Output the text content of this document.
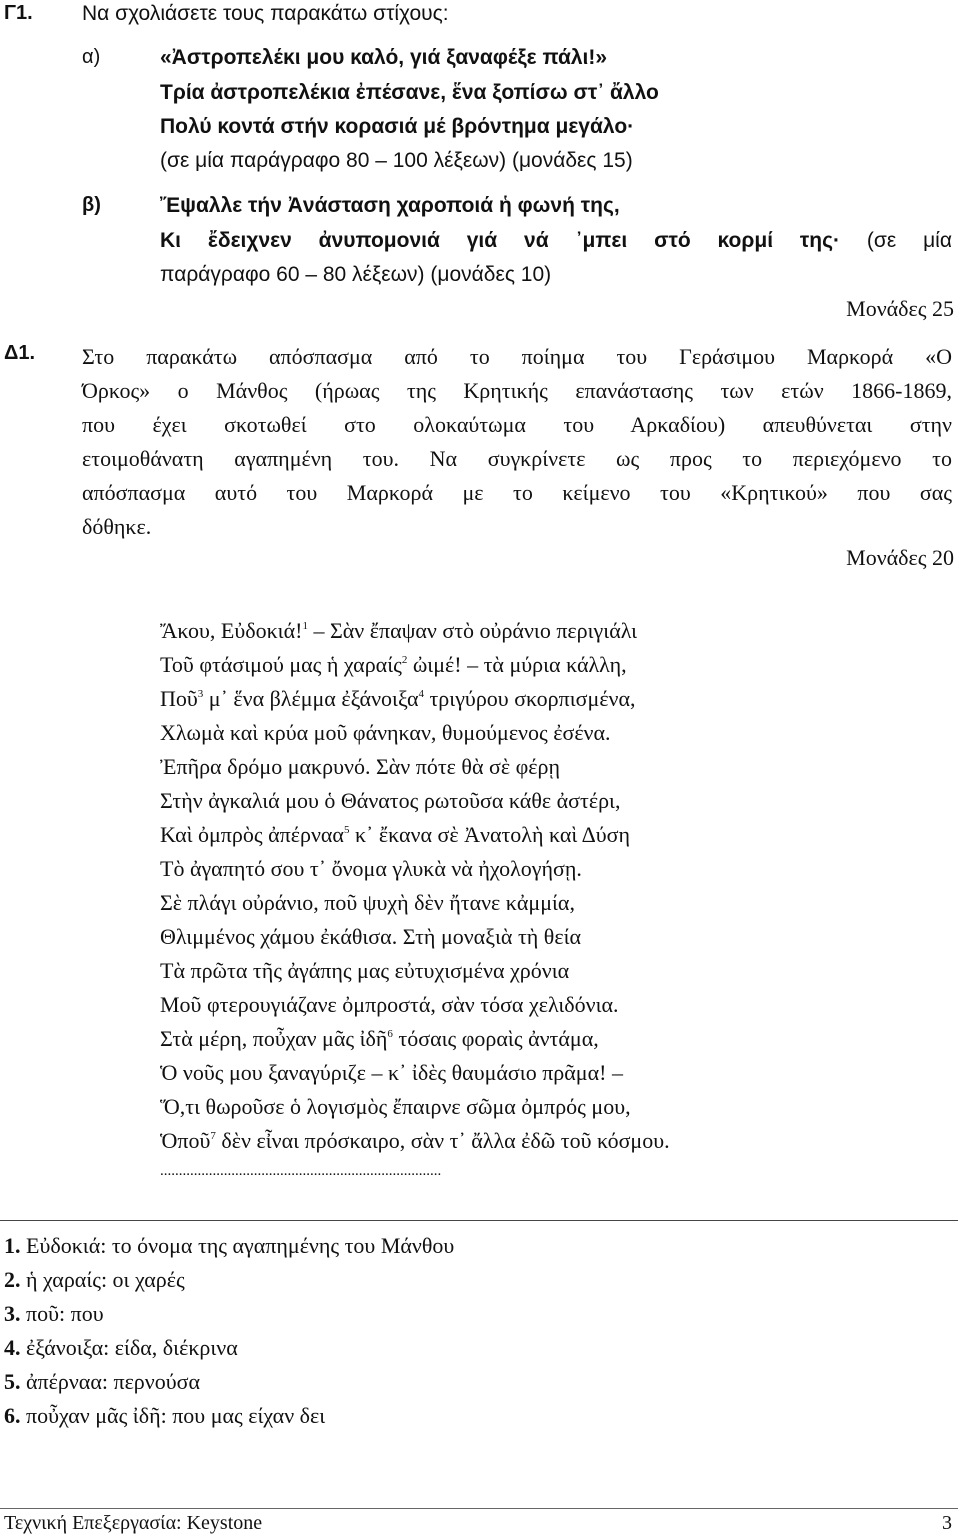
Γ1. Να σχολιάσετε τους παρακάτω στίχους:
α)	«Ἀστροπελέκι μου καλό, γιά ξαναφέξε πάλι!»
Τρία ἀστροπελέκια ἐπέσανε, ἕνα ξοπίσω στ᾽ ἄλλο
Πολύ κοντά στήν κορασιά μέ βρόντημα μεγάλο·
(σε μία παράγραφο 80 – 100 λέξεων) (μονάδες 15)
β)	Ἔψαλλε τήν Ἀνάσταση χαροποιά ἡ φωνή της,
Κι ἔδειχνεν ἀνυπομονιά γιά νά ᾽μπει στό κορμί της· (σε μία
παράγραφο 60 – 80 λέξεων) (μονάδες 10)
Μονάδες 25
Δ1. Στο παρακάτω απόσπασμα από το ποίημα του Γεράσιμου Μαρκορά «Ο
Όρκος» ο Μάνθος (ήρωας της Κρητικής επανάστασης των ετών 1866-1869,
που έχει σκοτωθεί στο ολοκαύτωμα του Αρκαδίου) απευθύνεται στην
ετοιμοθάνατη αγαπημένη του. Να συγκρίνετε ως προς το περιεχόμενο το
απόσπασμα αυτό του Μαρκορά με το κείμενο του «Κρητικού» που σας
δόθηκε.
Μονάδες 20
Ἄκου, Εὐδοκιά!$^1$ – Σὰν ἔπαψαν στὸ οὐράνιο περιγιάλι
Τοῦ φτάσιμού μας ἡ χαραίς$^2$ ὠιμέ! – τὰ μύρια κάλλη,
Ποῦ$^3$ μ᾽ ἕνα βλέμμα ἐξάνοιξα$^4$ τριγύρου σκορπισμένα,
Χλωμὰ καὶ κρύα μοῦ φάνηκαν, θυμούμενος ἐσένα.
Ἐπῆρα δρόμο μακρυνό. Σὰν πότε θὰ σὲ φέρῃ
Στὴν ἀγκαλιά μου ὁ Θάνατος ρωτοῦσα κάθε ἀστέρι,
Καὶ ὀμπρὸς ἀπέρναα$^5$ κ᾽ ἔκανα σὲ Ἀνατολὴ καὶ Δύση
Τὸ ἀγαπητό σου τ᾽ ὄνομα γλυκὰ νὰ ἠχολογήσῃ.
Σὲ πλάγι οὐράνιο, ποῦ ψυχὴ δὲν ἤτανε κἀμμία,
Θλιμμένος χάμου ἐκάθισα. Στὴ μοναξιὰ τὴ θεία
Τὰ πρῶτα τῆς ἀγάπης μας εὐτυχισμένα χρόνια
Μοῦ φτερουγιάζανε ὀμπροστά, σὰν τόσα χελιδόνια.
Στὰ μέρη, ποὖχαν μᾶς ἰδῆ$^6$ τόσαις φοραὶς ἀντάμα,
Ὁ νοῦς μου ξαναγύριζε – κ᾽ ἰδὲς θαυμάσιο πρᾶμα! –
Ὅ,τι θωροῦσε ὁ λογισμὸς ἔπαιρνε σῶμα ὀμπρός μου,
Ὁποῦ$^7$ δὲν εἶναι πρόσκαιρο, σὰν τ᾽ ἄλλα ἐδῶ τοῦ κόσμου.
...........................................................................
1. Εὐδοκιά: το όνομα της αγαπημένης του Μάνθου
2. ἡ χαραίς: οι χαρές
3. ποῦ: που
4. ἐξάνοιξα: είδα, διέκρινα
5. ἀπέρναα: περνούσα
6. ποὖχαν μᾶς ἰδῆ: που μας είχαν δει
Τεχνική Επεξεργασία: Keystone	3
